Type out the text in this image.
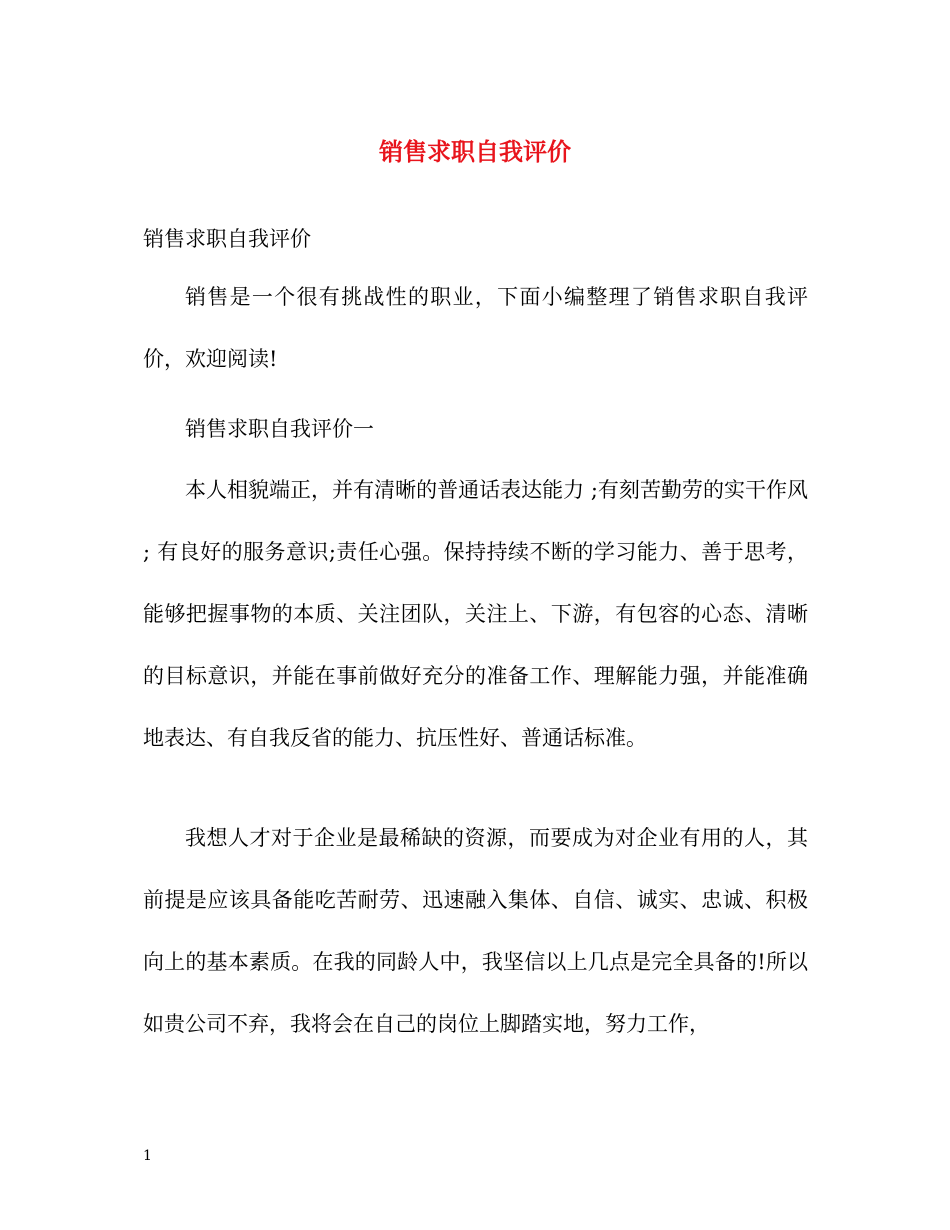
销售求职自我评价

销售求职自我评价

销售是一个很有挑战性的职业，下面小编整理了销售求职自我评价，欢迎阅读!

销售求职自我评价一

本人相貌端正，并有清晰的普通话表达能力 ;有刻苦勤劳的实干作风 ; 有良好的服务意识;责任心强。保持持续不断的学习能力、善于思考，能够把握事物的本质、关注团队，关注上、下游，有包容的心态、清晰的目标意识，并能在事前做好充分的准备工作、理解能力强，并能准确地表达、有自我反省的能力、抗压性好、普通话标准。

我想人才对于企业是最稀缺的资源，而要成为对企业有用的人，其前提是应该具备能吃苦耐劳、迅速融入集体、自信、诚实、忠诚、积极向上的基本素质。在我的同龄人中，我坚信以上几点是完全具备的!所以如贵公司不弃，我将会在自己的岗位上脚踏实地，努力工作，

1
